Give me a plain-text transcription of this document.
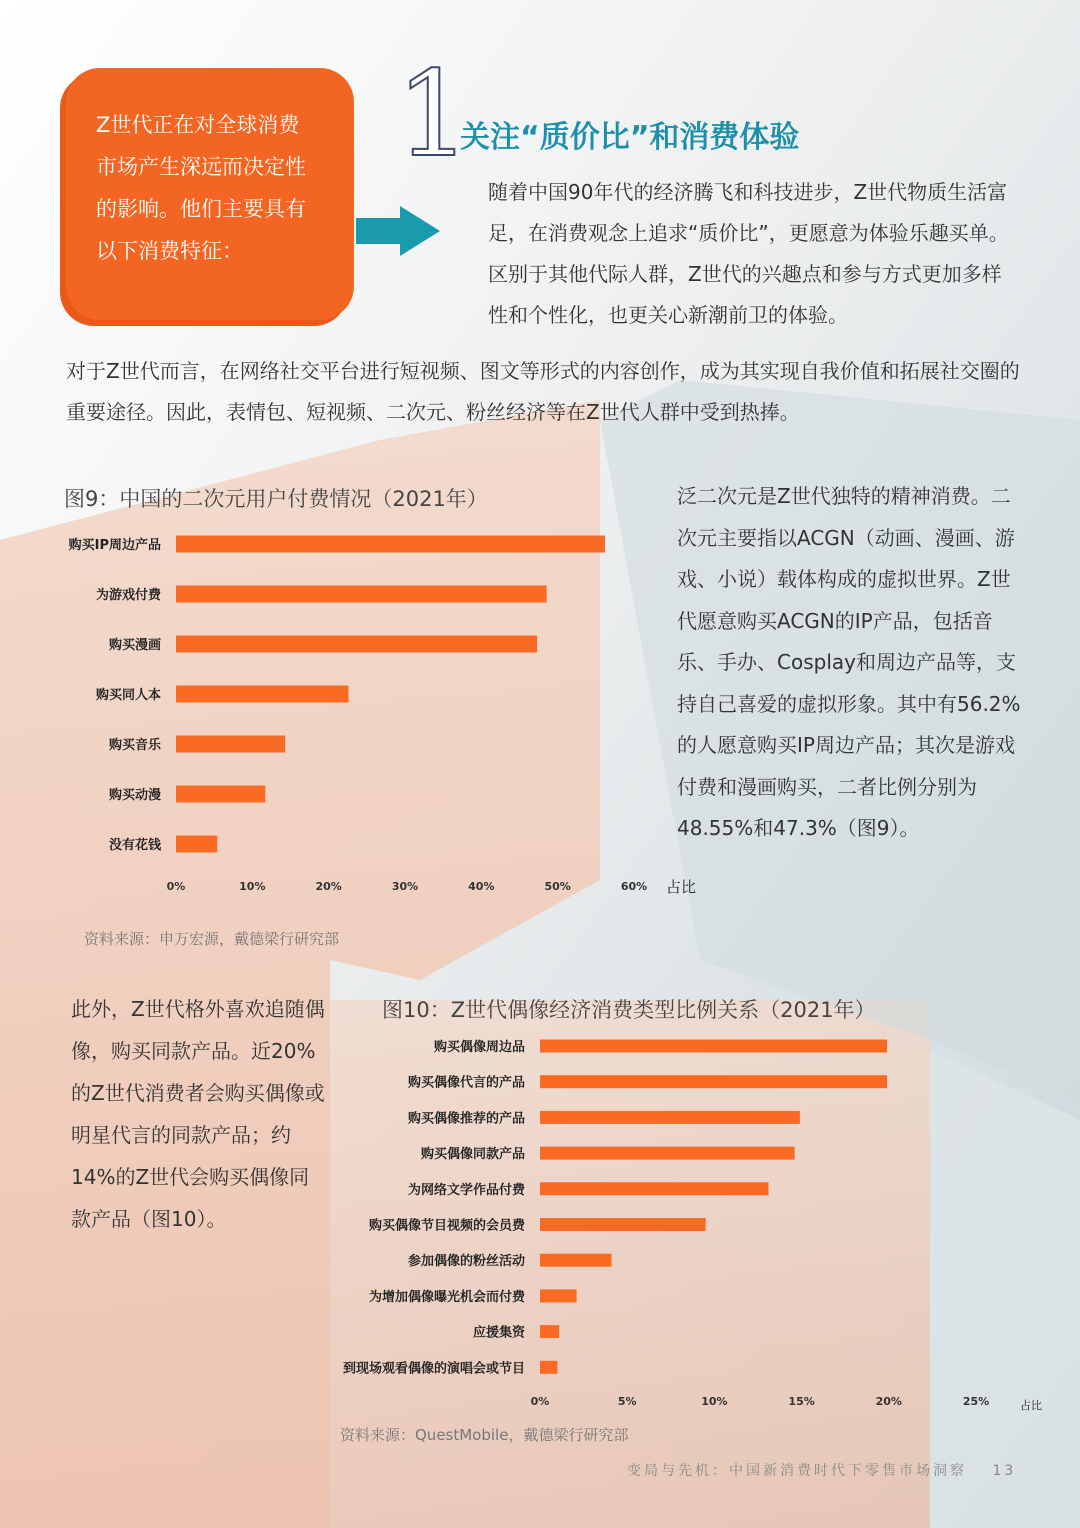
Z世代正在对全球消费
市场产生深远而决定性
的影响。他们主要具有
以下消费特征：
1
关注“质价比”和消费体验
随着中国90年代的经济腾飞和科技进步，Z世代物质生活富足，在消费观念上追求“质价比”，更愿意为体验乐趣买单。区别于其他代际人群，Z世代的兴趣点和参与方式更加多样性和个性化，也更关心新潮前卫的体验。
对于Z世代而言，在网络社交平台进行短视频、图文等形式的内容创作，成为其实现自我价值和拓展社交圈的重要途径。因此，表情包、短视频、二次元、粉丝经济等在Z世代人群中受到热捧。
图9：中国的二次元用户付费情况（2021年）
购买IP周边产品
为游戏付费
购买漫画
购买同人本
购买音乐
购买动漫
没有花钱
0%	10%	20%	30%	40%	50%	60% 占比
资料来源：申万宏源，戴德梁行研究部
泛二次元是Z世代独特的精神消费。二次元主要指以ACGN（动画、漫画、游戏、小说）载体构成的虚拟世界。Z世代愿意购买ACGN的IP产品，包括音乐、手办、Cosplay和周边产品等，支持自己喜爱的虚拟形象。其中有56.2%的人愿意购买IP周边产品；其次是游戏付费和漫画购买，二者比例分别为48.55%和47.3%（图9）。
此外，Z世代格外喜欢追随偶像，购买同款产品。近20%的Z世代消费者会购买偶像或明星代言的同款产品；约14%的Z世代会购买偶像同款产品（图10）。
图10：Z世代偶像经济消费类型比例关系（2021年）
购买偶像周边品
购买偶像代言的产品
购买偶像推荐的产品
购买偶像同款产品
为网络文学作品付费
购买偶像节目视频的会员费
参加偶像的粉丝活动
为增加偶像曝光机会而付费
应援集资
到现场观看偶像的演唱会或节目
0%	5%	10%	15%	20%	25%	占比
资料来源：QuestMobile，戴德梁行研究部
变局与先机：中国新消费时代下零售市场洞察 13
